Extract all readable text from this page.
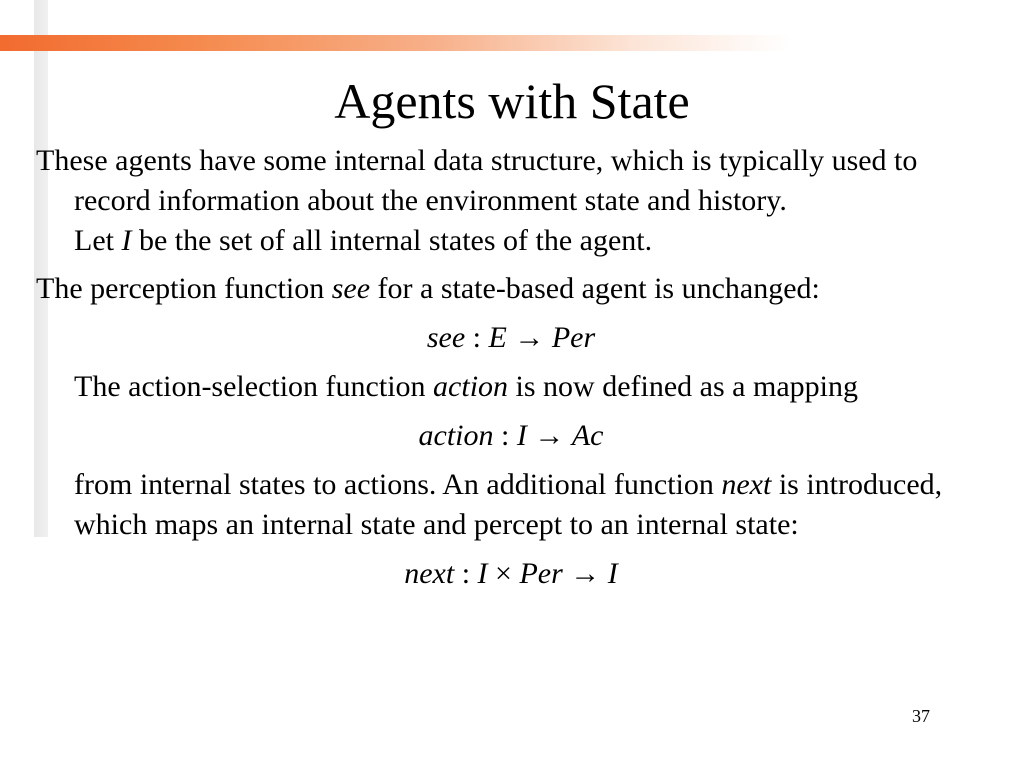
Agents with State

These agents have some internal data structure, which is typically used to record information about the environment state and history.

Let I be the set of all internal states of the agent.

The perception function see for a state-based agent is unchanged:

see : E → Per

The action-selection function action is now defined as a mapping

action : I → Ac

from internal states to actions. An additional function next is introduced, which maps an internal state and percept to an internal state:

next : I × Per → I

37
